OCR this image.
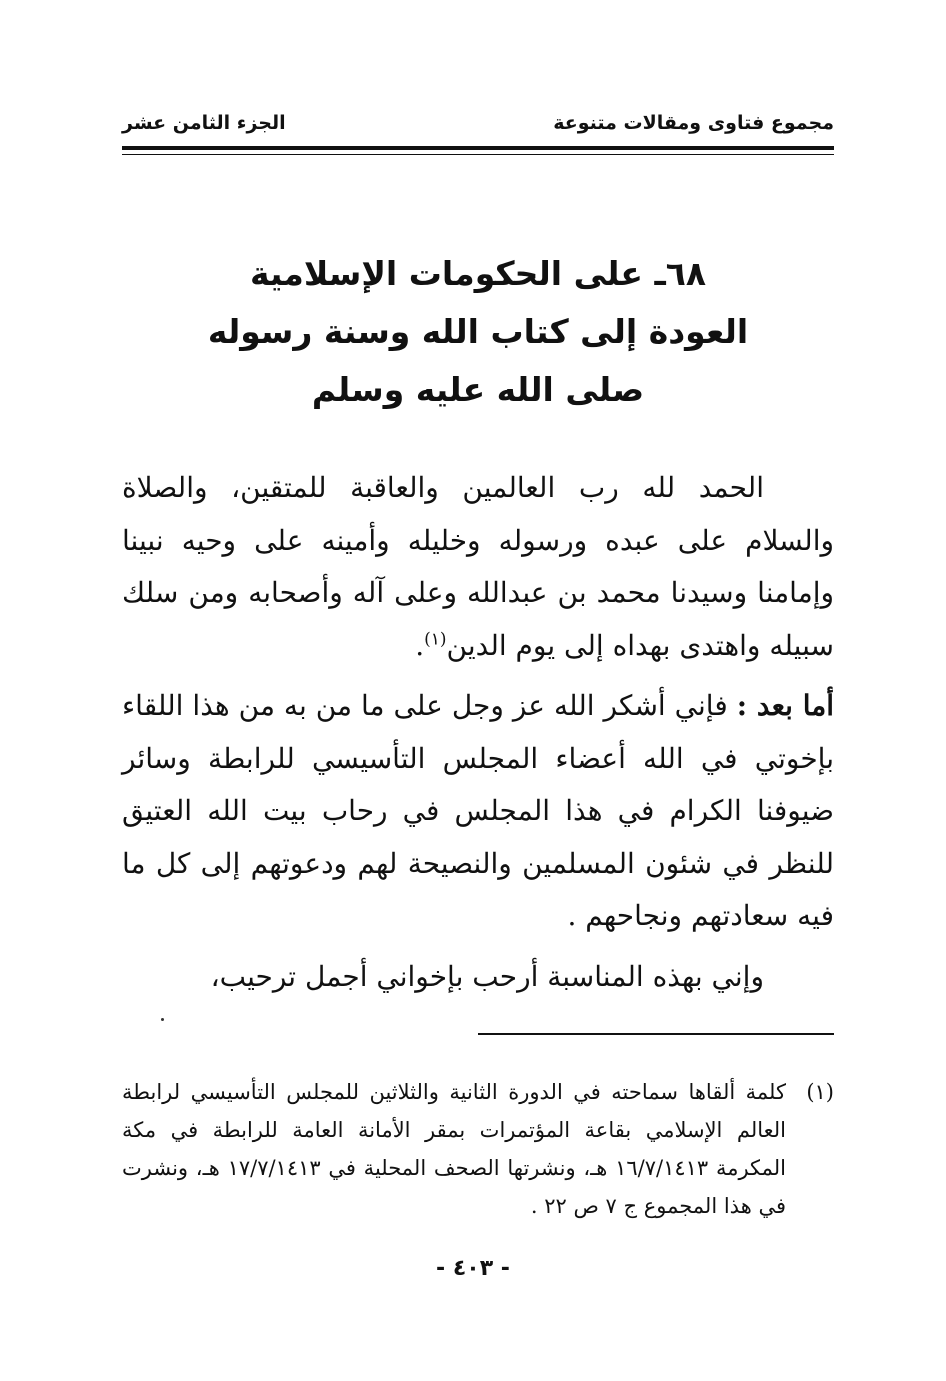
مجموع فتاوى ومقالات متنوعة
الجزء الثامن عشر
٦٨ـ على الحكومات الإسلامية
العودة إلى كتاب الله وسنة رسوله
صلى الله عليه وسلم

الحمد لله رب العالمين والعاقبة للمتقين، والصلاة والسلام على عبده ورسوله وخليله وأمينه على وحيه نبينا وإمامنا وسيدنا محمد بن عبدالله وعلى آله وأصحابه ومن سلك سبيله واهتدى بهداه إلى يوم الدين$^{(١)}$.

أما بعد : فإني أشكر الله عز وجل على ما من به من هذا اللقاء بإخوتي في الله أعضاء المجلس التأسيسي للرابطة وسائر ضيوفنا الكرام في هذا المجلس في رحاب بيت الله العتيق للنظر في شئون المسلمين والنصيحة لهم ودعوتهم إلى كل ما فيه سعادتهم ونجاحهم .

وإني بهذه المناسبة أرحب بإخواني أجمل ترحيب،

(١)
كلمة ألقاها سماحته في الدورة الثانية والثلاثين للمجلس التأسيسي لرابطة العالم الإسلامي بقاعة المؤتمرات بمقر الأمانة العامة للرابطة في مكة المكرمة ١٦/٧/١٤١٣ هـ، ونشرتها الصحف المحلية في ١٧/٧/١٤١٣ هـ، ونشرت في هذا المجموع ج ٧ ص ٢٢ .
- ٤٠٣ -
